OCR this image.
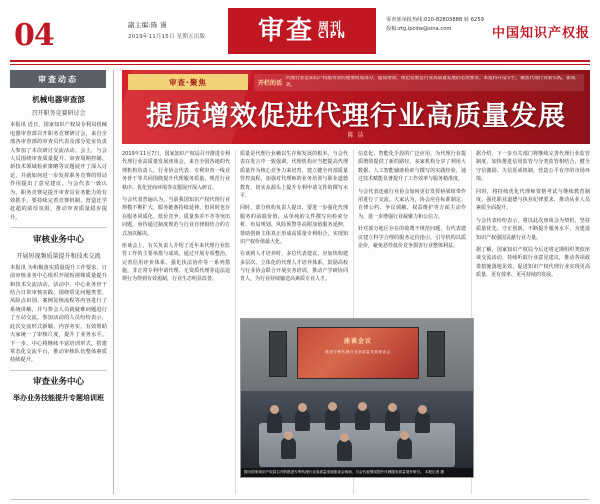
04	副主编:陈 谨
2019年11月15日 星期五出版 审查 周刊
CIPN
零查部举报热线:010-82803888 转 6259
投稿:ztg.ipcdw@sina.com	中国知识产权报
审查动态
机械电器审查部
召开职务竞赛研讨会
本报讯 近日，国家知识产权局专利局机械电器审查部召开职务竞赛研讨会，来自全部各审查部的审查员代表及部分处室负责人参加了本次研讨交流活动。会上，与会人员围绕审查质量提升、审查周期控制、新技术领域检索策略等议题展开了深入讨论，并就如何进一步发挥职务竞赛的带动作用提出了意见建议。与会代表一致认为，职务竞赛是提升审查员业务能力的有效抓手，要持续完善竞赛机制，营造比学赶超的浓厚氛围，推动审查质量稳步提升。
审核业务中心
开展短视频质量提升和技术交流
本报讯 为积极落实质量提升工作要求，日前审核业务中心组织开展短视频质量提升和技术交流活动。活动中，中心业务骨干结合日常审核实践，围绕常见问题类型、风险点识别、案例复核流程等内容进行了系统讲解，并与参会人员就疑难问题进行了互动交流。参加活动的人员纷纷表示，此次交流形式新颖、内容务实，有效帮助大家统一了审核尺度，提升了业务水平。下一步，中心将继续丰富培训形式，搭建常态化交流平台，推动审核队伍整体素质持续提升。
审查业务中心
举办业务技能提升专题培训班
审查·聚焦	开栏的话
代理行业是知识产权服务业的重要组成部分，提质增效、规范发展是行业高质量发展的必然要求。本报特开设专栏，聚焦代理行业新实践、新成效。
提质增效促进代理行业高质量发展
陈 洁
2019年11月7日，国家知识产权局召开推进专利代理行业高质量发展座谈会，来自全国各地的代理机构负责人、行业协会代表、专利审查一线业务骨干等共同围绕提升代理服务质量、规范行业秩序、优化营商环境等议题展开深入研讨。
与会代表普遍认为，当前我国知识产权代理行业规模不断扩大，服务链条持续延伸，但同时也存在服务同质化、低价竞争、质量参差不齐等突出问题，亟待通过制度规范与行业自律相结合的方式加以解决。
座谈会上，有关负责人介绍了近年来代理行业监管工作的主要举措与成效。通过开展专项整治、完善信用评价体系、强化执法协作等一系列措施，非正常专利申请代理、无资质代理等违法违规行为得到有效遏制，行业生态明显改善。
质量是代理行业赖以生存和发展的根本。与会代表在发言中一致强调，代理机构应当把提高代理质量作为核心竞争力来培育，建立健全内部质量管控流程，加强对代理师的业务培训与职业道德教育，切实从源头上提升专利申请文件的撰写水平。
同时，部分机构负责人提出，要进一步强化代理服务的前端价值，从单纯的文件撰写向检索分析、布局规划、风险预警等高附加值服务延伸，帮助创新主体真正形成高质量专利组合，实现知识产权价值最大化。
在谈到人才培养时，多位代表建议，应加快构建多层次、立体化的代理人才培养体系，鼓励高校与行业协会联合开展实务培训，推动产学研协同育人，为行业持续输送高素质专业人才。
信息化、智能化手段的广泛应用，为代理行业提质增效提供了新的路径。多家机构分享了利用大数据、人工智能辅助检索与撰写的实践经验，通过技术赋能显著提升了工作效率与服务精准度。
与会代表还就行业协会如何更好发挥桥梁纽带作用进行了交流。大家认为，协会应在标准制定、自律公约、争议调解、权益维护等方面主动作为，进一步增强行业凝聚力和公信力。
针对部分地区存在的收费不规范问题，有代表建议建立科学合理的服务定价指引，引导机构以质论价，避免恶性低价竞争损害行业整体利益。
据介绍，下一步有关部门将继续完善代理行业监管制度，加快推进信用监管与分类监管相结合，健全守信激励、失信惩戒机制，营造公平有序的市场环境。
同时，将持续优化代理师资格考试与继续教育制度，强化职业道德与执业纪律要求，推动从业人员素质全面提升。
与会代表纷纷表示，将以此次座谈会为契机，坚持质量优先、守正创新，不断提升服务水平，为建设知识产权强国贡献行业力量。
据了解，国家知识产权局今后还将定期组织类似座谈交流活动，持续听取行业意见建议，推动各项政策措施落地见效，促进知识产权代理行业实现更高质量、更有效率、更可持续的发展。
座谈会议
推进专利代理行业高质量发展座谈会
图为国家知识产权局召开的推进专利代理行业高质量发展座谈会现场，与会代表围绕提升代理服务质量展开研讨。 本报记者 摄
